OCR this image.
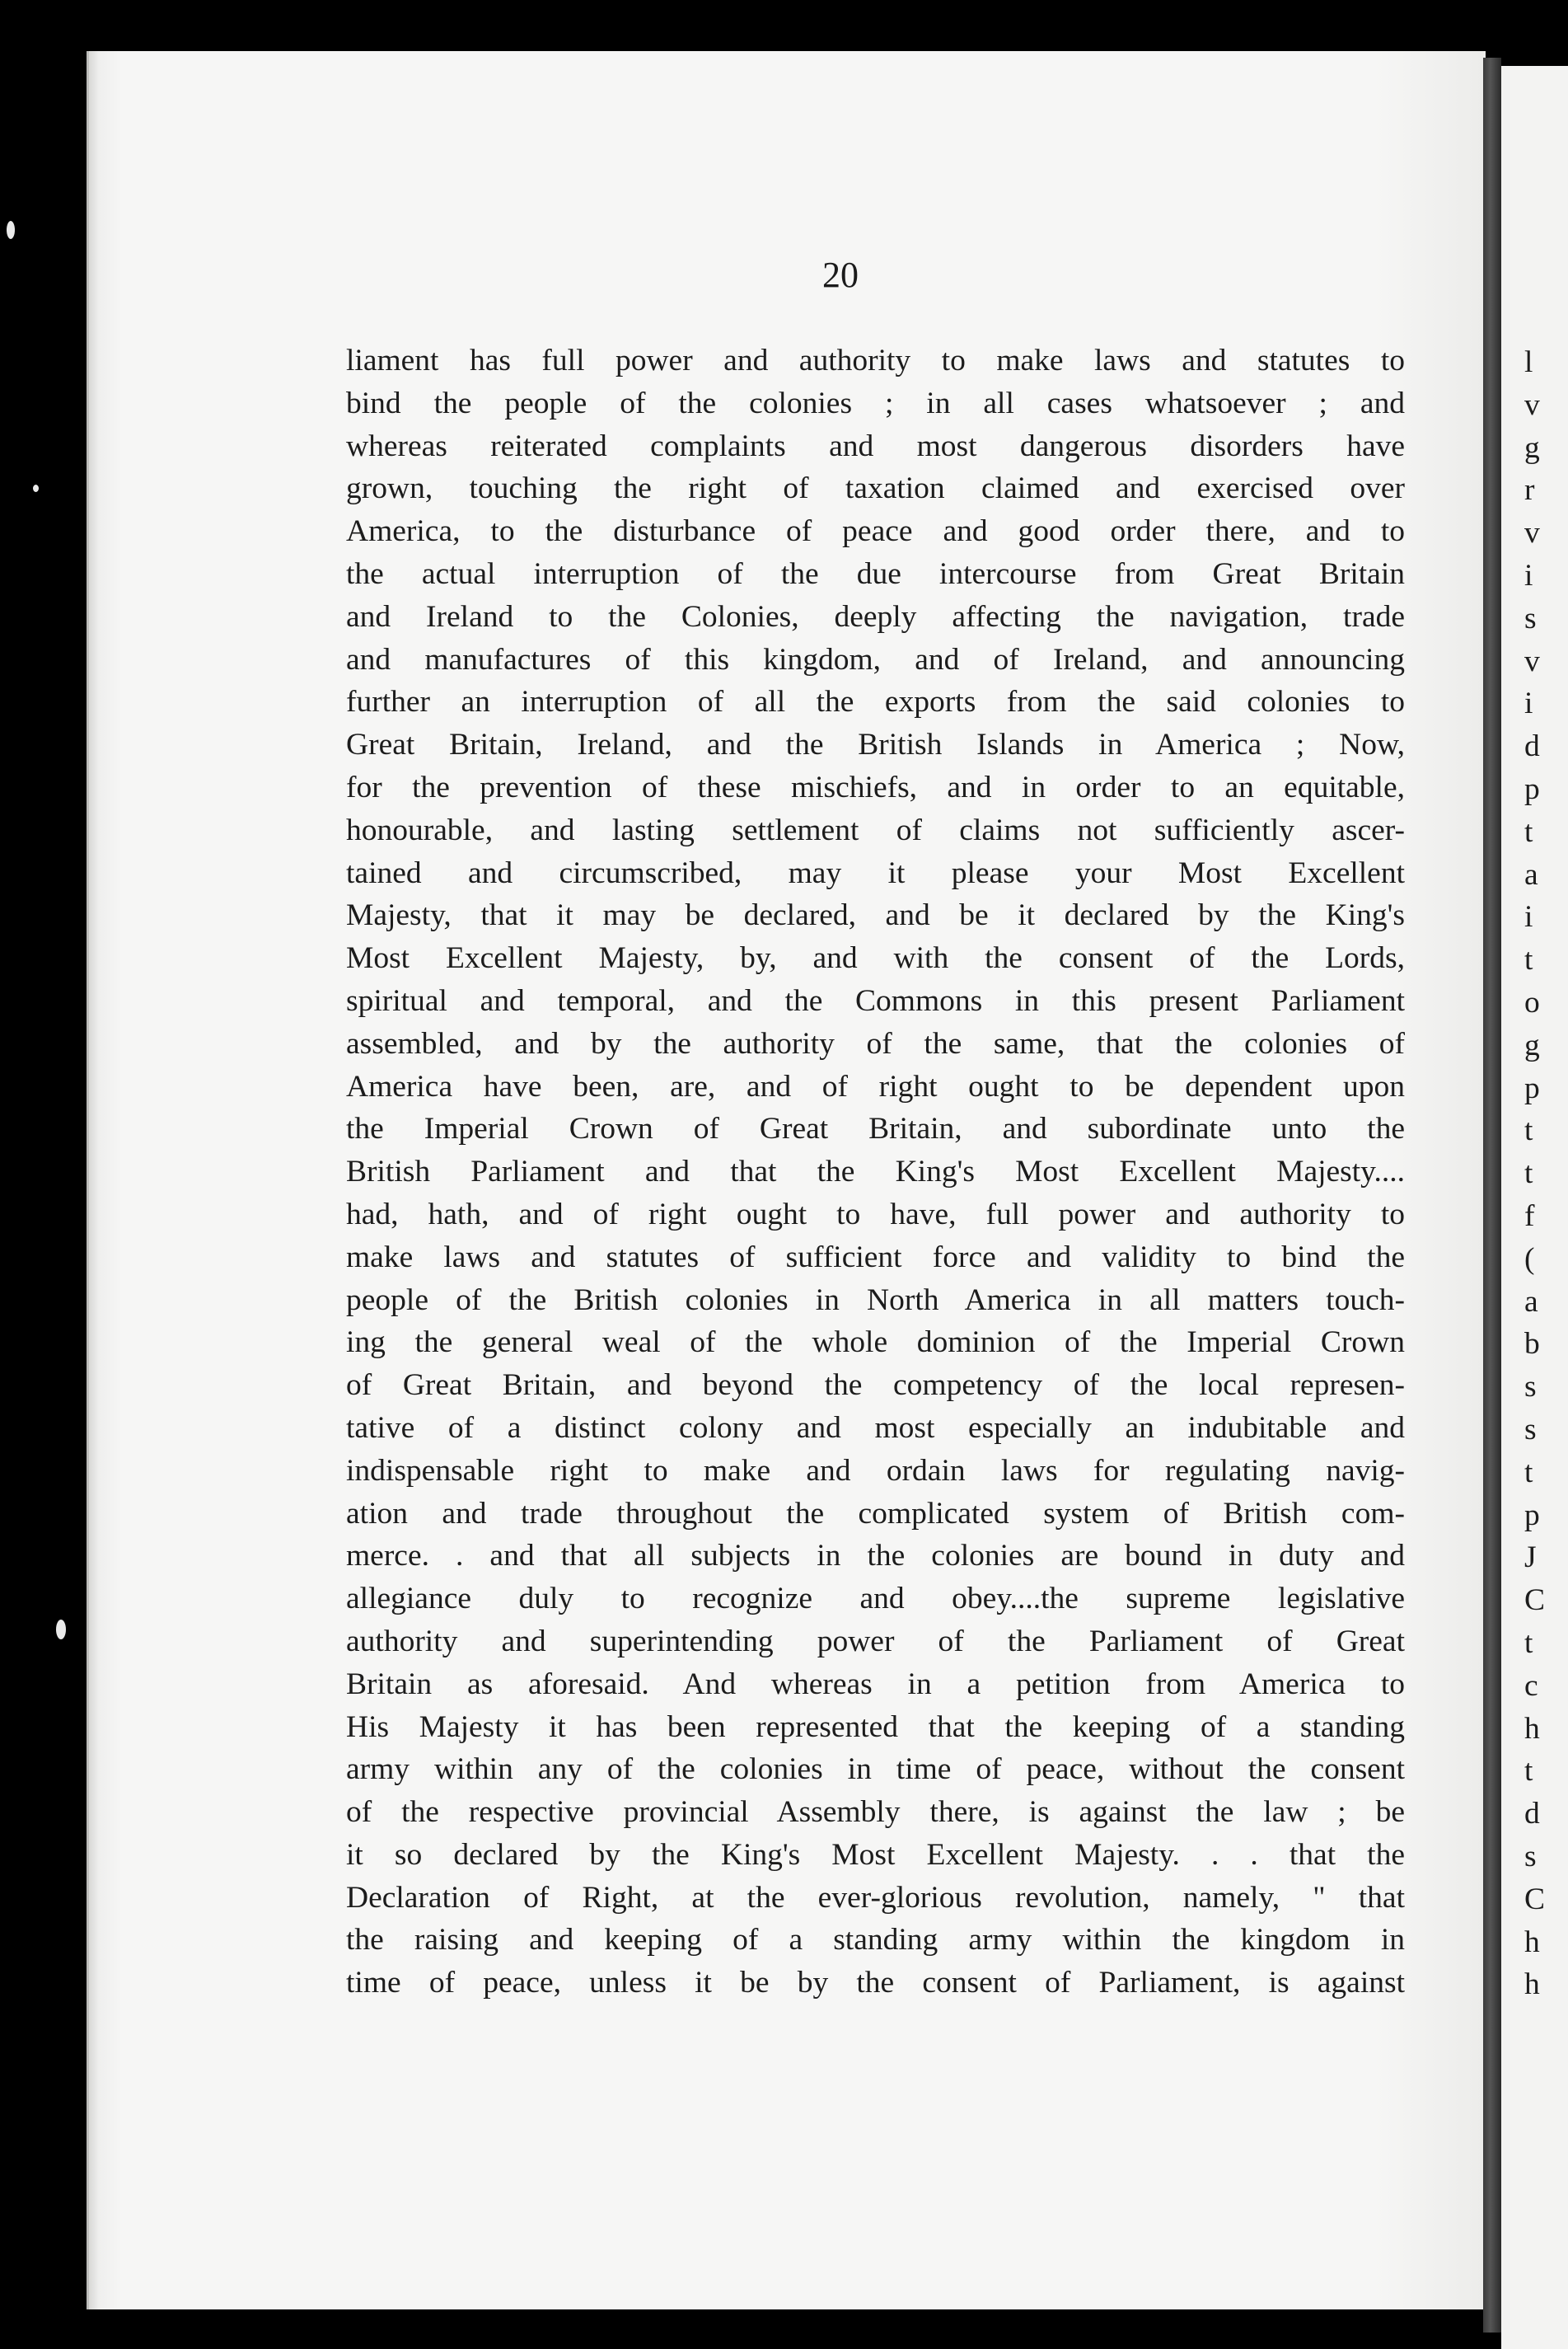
l
v
g
r
v
i
s
v
i
d
p
t
a
i
t
o
g
p
t
t
f
(
a
b
s
s
t
p
J
C
t
c
h
t
d
s
C
h
h
20
liament has full power and authority to make laws and statutes to
bind the people of the colonies ; in all cases whatsoever ; and
whereas reiterated complaints and most dangerous disorders have
grown, touching the right of taxation claimed and exercised over
America, to the disturbance of peace and good order there, and to
the actual interruption of the due intercourse from Great Britain
and Ireland to the Colonies, deeply affecting the navigation, trade
and manufactures of this kingdom, and of Ireland, and announcing
further an interruption of all the exports from the said colonies to
Great Britain, Ireland, and the British Islands in America ; Now,
for the prevention of these mischiefs, and in order to an equitable,
honourable, and lasting settlement of claims not sufficiently ascer-
tained and circumscribed, may it please your Most Excellent
Majesty, that it may be declared, and be it declared by the King's
Most Excellent Majesty, by, and with the consent of the Lords,
spiritual and temporal, and the Commons in this present Parliament
assembled, and by the authority of the same, that the colonies of
America have been, are, and of right ought to be dependent upon
the Imperial Crown of Great Britain, and subordinate unto the
British Parliament and that the King's Most Excellent Majesty....
had, hath, and of right ought to have, full power and authority to
make laws and statutes of sufficient force and validity to bind the
people of the British colonies in North America in all matters touch-
ing the general weal of the whole dominion of the Imperial Crown
of Great Britain, and beyond the competency of the local represen-
tative of a distinct colony and most especially an indubitable and
indispensable right to make and ordain laws for regulating navig-
ation and trade throughout the complicated system of British com-
merce. . and that all subjects in the colonies are bound in duty and
allegiance duly to recognize and obey....the supreme legislative
authority and superintending power of the Parliament of Great
Britain as aforesaid. And whereas in a petition from America to
His Majesty it has been represented that the keeping of a standing
army within any of the colonies in time of peace, without the consent
of the respective provincial Assembly there, is against the law ; be
it so declared by the King's Most Excellent Majesty. . . that the
Declaration of Right, at the ever-glorious revolution, namely, " that
the raising and keeping of a standing army within the kingdom in
time of peace, unless it be by the consent of Parliament, is against
